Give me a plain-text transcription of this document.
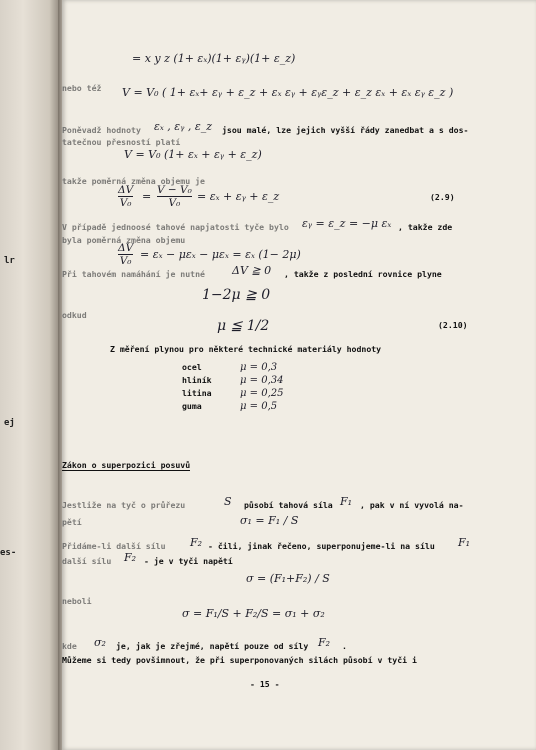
lr
ej
es-
= x y z (1+ εₓ)(1+ εᵧ)(1+ ε_z)
nebo též V = V₀ ( 1+ εₓ+ εᵧ + ε_z + εₓ εᵧ + εᵧε_z + ε_z εₓ + εₓ εᵧ ε_z )
Poněvadž hodnoty εₓ , εᵧ , ε_z jsou malé, lze jejich vyšší řády zanedbat a s dos-
tatečnou přesností platí
V = V₀ (1+ εₓ + εᵧ + ε_z)
takže poměrná změna objemu je
ΔV
V₀ = V − V₀
V₀ = εₓ + εᵧ + ε_z	(2.9)
V případě jednoosé tahové napjatosti tyče bylo εᵧ = ε_z = −μ εₓ , takže zde
byla poměrná změna objemu
ΔV
V₀ = εₓ − μεₓ − μεₓ = εₓ (1− 2μ)
Při tahovém namáhání je nutné ΔV ≧ 0 , takže z poslední rovnice plyne
1−2μ ≧ 0
odkud
μ ≦ 1/2	(2.10)
Z měření plynou pro některé technické materiály hodnoty
ocel	μ = 0,3
hliník	μ = 0,34
litina	μ = 0,25
guma	μ = 0,5
Zákon o superpozici posuvů
Jestliže na tyč o průřezu	S působí tahová síla F₁ , pak v ní vyvolá na-
pětí	σ₁ = F₁ / S
Přidáme-li další sílu F₂ - čili, jinak řečeno, superponujeme-li na sílu F₁
další sílu F₂ - je v tyči napětí
σ = (F₁+F₂) / S
neboli
σ = F₁/S + F₂/S = σ₁ + σ₂
kde σ₂ je, jak je zřejmé, napětí pouze od síly F₂ .
Můžeme si tedy povšimnout, že při superponovaných silách působí v tyči i
- 15 -
